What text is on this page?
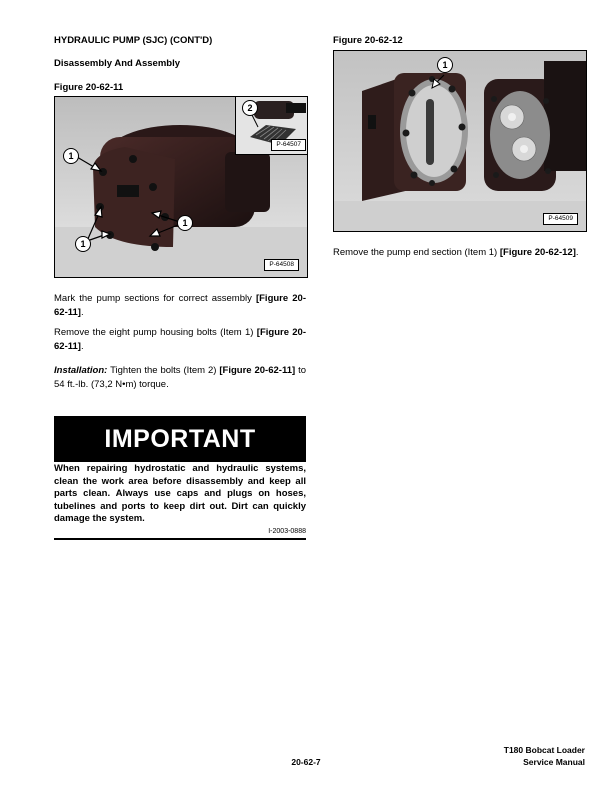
HYDRAULIC PUMP (SJC) (CONT'D)
Disassembly And Assembly
Figure 20-62-11
P-64507
1
1
1
2
P-64508
Mark the pump sections for correct assembly [Figure 20-62-11].
Remove the eight pump housing bolts (Item 1) [Figure 20-62-11].
Installation: Tighten the bolts (Item 2) [Figure 20-62-11] to 54 ft.-lb. (73,2 N•m) torque.
IMPORTANT
When repairing hydrostatic and hydraulic systems, clean the work area before disassembly and keep all parts clean. Always use caps and plugs on hoses, tubelines and ports to keep dirt out. Dirt can quickly damage the system.
I-2003-0888
Figure 20-62-12
1
P-64509
Remove the pump end section (Item 1) [Figure 20-62-12].
20-62-7
T180 Bobcat Loader
Service Manual
